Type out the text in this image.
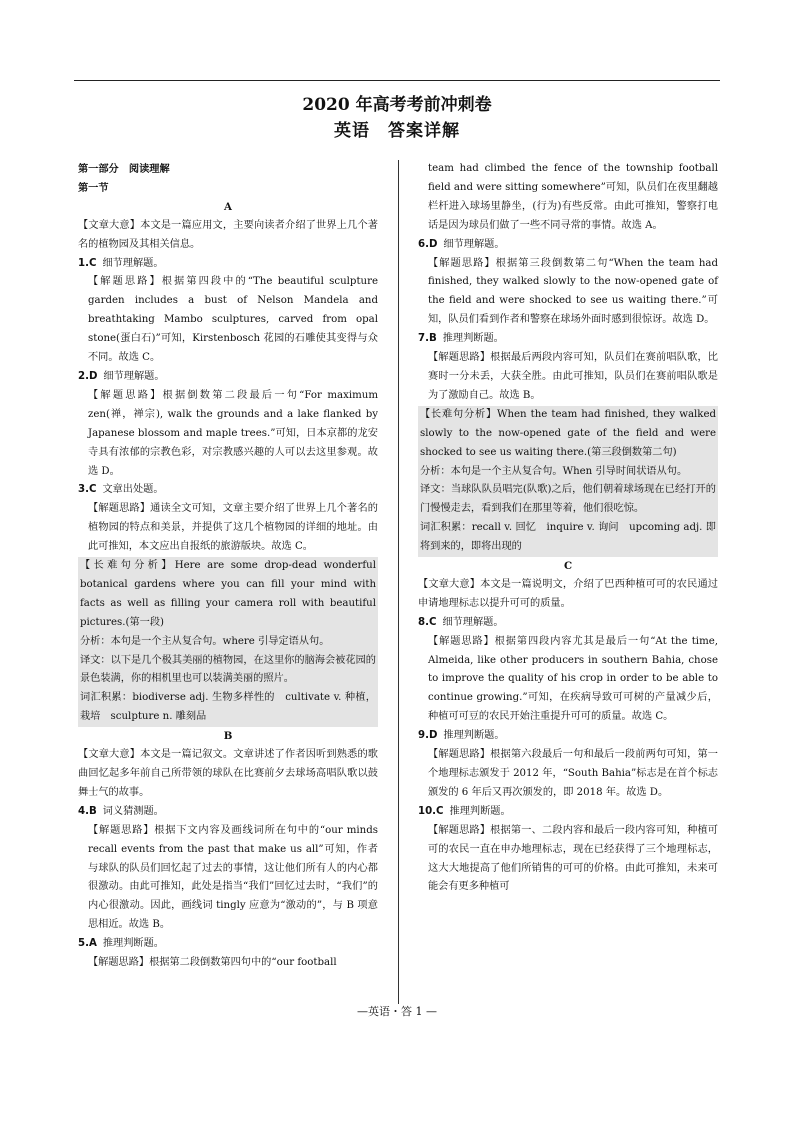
2020 年高考考前冲刺卷
英语　答案详解
第一部分　阅读理解
第一节
A
【文章大意】本文是一篇应用文，主要向读者介绍了世界上几个著名的植物园及其相关信息。
1.C 细节理解题。
【解题思路】根据第四段中的“The beautiful sculpture garden includes a bust of Nelson Mandela and breathtaking Mambo sculptures, carved from opal stone(蛋白石)”可知，Kirstenbosch 花园的石雕使其变得与众不同。故选 C。
2.D 细节理解题。
【解题思路】根据倒数第二段最后一句“For maximum zen(禅，禅宗), walk the grounds and a lake flanked by Japanese blossom and maple trees.”可知，日本京都的龙安寺具有浓郁的宗教色彩，对宗教感兴趣的人可以去这里参观。故选 D。
3.C 文章出处题。
【解题思路】通读全文可知，文章主要介绍了世界上几个著名的植物园的特点和美景，并提供了这几个植物园的详细的地址。由此可推知，本文应出自报纸的旅游版块。故选 C。
【长难句分析】Here are some drop-dead wonderful botanical gardens where you can fill your mind with facts as well as filling your camera roll with beautiful pictures.(第一段)
分析：本句是一个主从复合句。where 引导定语从句。
译文：以下是几个极其美丽的植物园，在这里你的脑海会被花园的景色装满，你的相机里也可以装满美丽的照片。
词汇积累：biodiverse adj. 生物多样性的　cultivate v. 种植，栽培　sculpture n. 雕刻品
B
【文章大意】本文是一篇记叙文。文章讲述了作者因听到熟悉的歌曲回忆起多年前自己所带领的球队在比赛前夕去球场高唱队歌以鼓舞士气的故事。
4.B 词义猜测题。
【解题思路】根据下文内容及画线词所在句中的“our minds recall events from the past that make us all”可知，作者与球队的队员们回忆起了过去的事情，这让他们所有人的内心都很激动。由此可推知，此处是指当“我们”回忆过去时，“我们”的内心很激动。因此，画线词 tingly 应意为“激动的”，与 B 项意思相近。故选 B。
5.A 推理判断题。
【解题思路】根据第二段倒数第四句中的“our football
team had climbed the fence of the township football field and were sitting somewhere”可知，队员们在夜里翻越栏杆进入球场里静坐，(行为)有些反常。由此可推知，警察打电话是因为球员们做了一些不同寻常的事情。故选 A。
6.D 细节理解题。
【解题思路】根据第三段倒数第二句“When the team had finished, they walked slowly to the now-opened gate of the field and were shocked to see us waiting there.”可知，队员们看到作者和警察在球场外面时感到很惊讶。故选 D。
7.B 推理判断题。
【解题思路】根据最后两段内容可知，队员们在赛前唱队歌，比赛时一分未丢，大获全胜。由此可推知，队员们在赛前唱队歌是为了激励自己。故选 B。
【长难句分析】When the team had finished, they walked slowly to the now-opened gate of the field and were shocked to see us waiting there.(第三段倒数第二句)
分析：本句是一个主从复合句。When 引导时间状语从句。
译文：当球队队员唱完(队歌)之后，他们朝着球场现在已经打开的门慢慢走去，看到我们在那里等着，他们很吃惊。
词汇积累：recall v. 回忆　inquire v. 询问　upcoming adj. 即将到来的，即将出现的
C
【文章大意】本文是一篇说明文，介绍了巴西种植可可的农民通过申请地理标志以提升可可的质量。
8.C 细节理解题。
【解题思路】根据第四段内容尤其是最后一句“At the time, Almeida, like other producers in southern Bahia, chose to improve the quality of his crop in order to be able to continue growing.”可知，在疾病导致可可树的产量减少后，种植可可豆的农民开始注重提升可可的质量。故选 C。
9.D 推理判断题。
【解题思路】根据第六段最后一句和最后一段前两句可知，第一个地理标志颁发于 2012 年，“South Bahia”标志是在首个标志颁发的 6 年后又再次颁发的，即 2018 年。故选 D。
10.C 推理判断题。
【解题思路】根据第一、二段内容和最后一段内容可知，种植可可的农民一直在申办地理标志，现在已经获得了三个地理标志，这大大地提高了他们所销售的可可的价格。由此可推知，未来可能会有更多种植可
—英语・答 1 —
